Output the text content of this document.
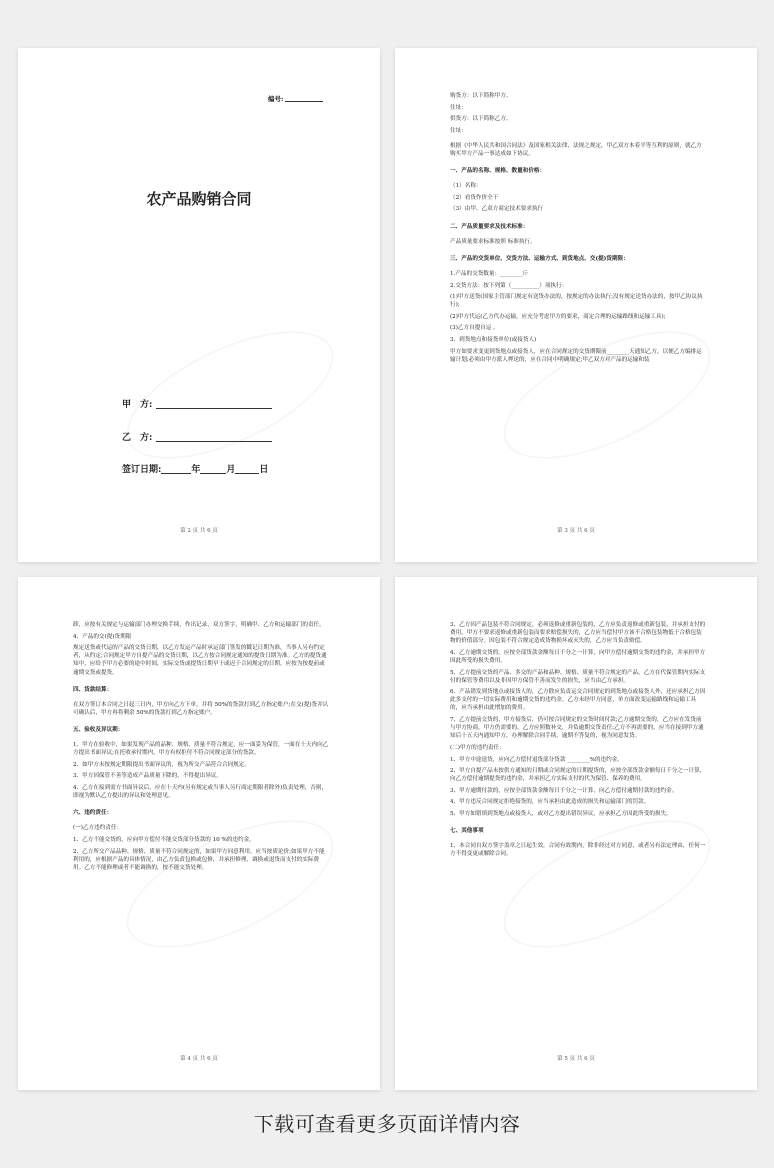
编号:
农产品购销合同
甲　方:
乙　方:
签订日期:	年	月	日
第 2 页 共 6 页

购货方：以下简称甲方。

住址：

供货方：以下简称乙方。

住址：

根据《中华人民共和国合同法》及国家相关法律、法规之规定，甲乙双方本着平等互利的原则，就乙方购买甲方产品一事达成如下协议。

一、产品的名称、规格、数量和价格：

（1）名称：

（2）看货作价全干

（3）由甲、乙双方商定技术要求执行

二、产品质量要求及技术标准：

产品质量要求标准按照 标准执行。

三、产品的交货单位、交货方法、运输方式、到货地点、交(提)货期限：

1.产品的交货数量：________斤

2.交货方法：按下列第（__________）项执行：

(1)甲方送货(国家主管部门规定有送货办法的，按规定的办法执行;没有规定送货办法的，按甲乙协议执行);

(2)甲方代运(乙方代办运输，应充分考虑甲方的要求，商定合理的运输路线和运输工具);

(3)乙方自提自运 。

3、到货地点和接货单位(或接货人)

甲方如要求变更到货地点或接货人，应在合同规定的交货期限前________天通知乙方，以便乙方编排运输计划;必须由甲方派人押送的，应在合同中明确规定;甲乙双方对产品的运输和装

第 3 页 共 6 页

卸，应按有关规定与运输部门办理交换手续，作出记录，双方签字，明确甲、乙方和运输部门的责任。

4、产品的交(提)货期限

规定送货或代运的产品的交货日期，以乙方发运产品时承运部门签发的戳记日期为准，当事人另有约定者，从约定;合同规定甲方自提产品的交货日期，以乙方按合同规定通知的提货日期为准。乙方的提货通知中，应给予甲方必要的途中时间，实际交货或提货日期早于或迟于合同规定的日期，应按为按提前或逾期交货或提货。

四、货款结算：

在双方签订本合同之日起三日内，甲方向乙方下单，并将 50%的货款打到乙方指定账户;在交(提)货并认可确认后，甲方再将剩余 50%的货款打到乙方指定账户。

五、验收及异议期：

1、甲方在验收中，如果发现产品的品种、规格、质量不符合规定，应一面妥为保管，一面在十天内向乙方提出书面异议;在托收承付期内，甲方有权拒付不符合同规定部分的货款。

2、如甲方未按规定期限提出书面异议的，视为所交产品符合合同规定。

3、甲方因保管不善等造成产品质量下降的，不得提出异议。

4、乙方在接到需方书面异议后，应在十天内(另有规定或当事人另行商定期限者除外)负责处理，否则，即视为默认乙方提出的异议和处理意见。

六、违约责任：

(一)乙方违约责任：

1、乙方不能交货的，应向甲方偿付不能交货部分货款的 10 %的违约金。

2、乙方所交产品品种、规格、质量不符合同规定的，如果甲方同意利用，应当按质论价;如果甲方不能利用的，应根据产品的具体情况，由乙方负责包换或包修，并承担修理、调换或退货而支付的实际费用。乙方不能修理或者不能调换的，按不能交货处理。

第 4 页 共 6 页

3、乙方因产品包装不符合同规定，必须返修或重新包装的，乙方应负责返修或重新包装，并承担支付的费用。甲方不要求返修或重新包装而要求赔偿损失的，乙方应当偿付甲方该不合格包装物低于合格包装物的价值部分。因包装不符合规定造成货物损坏或灭失的，乙方应当负责赔偿。

4、乙方逾期交货的，应按全部货款金额每日千分之一计算，向甲方偿付逾期交货的违约金，并承担甲方因此所受的损失费用。

5、乙方提前交货的产品、多交的产品和品种、规格、质量不符合规定的产品，乙方在代保管期内实际支付的保管等费用以及非因甲方保管不善而发生的损失，应当由乙方承担。

6、产品错发到货地点或接货人的，乙方除应负责运交合同规定的到货地点或接货人外，还应承担乙方因此多支付的一切实际费用和逾期交货的违约金。乙方未经甲方同意，单方面改变运输路线和运输工具的，应当承担由此增加的费用。

7、乙方提前交货的，甲方接货后，仍可按合同规定的交货时间付款;乙方逾期交货的，乙方应在发货前与甲方协商，甲方仍需要的，乙方应照数补交，并负逾期交货责任;乙方不再需要的，应当在接到甲方通知后十五天内通知甲方，办理解除合同手续，逾期不答复的，视为同意发货。

(二)甲方的违约责任：

1、甲方中途退货，应向乙方偿付退货部分货款 ________%的违约金。

2、甲方自提产品未按供方通知的日期或合同规定的日期提货的，应按全部货款金额每日千分之一计算，向乙方偿付逾期提货的违约金，并承担乙方实际支付的代为保管、保养的费用。

3、甲方逾期付款的，应按全部货款金额每日千分之一计算，向乙方偿付逾期付款的违约金。

4、甲方违反合同规定拒绝接货的，应当承担由此造成的损失和运输部门的罚款。

5、甲方如错填到货地点或接货人，或对乙方提出错误异议，应承担乙方因此所受的损失。

七、其他事项

1、本合同自双方签字盖章之日起生效，合同有效期内，除非经过对方同意，或者另有法定理由，任何一方不得变更或解除合同。

第 5 页 共 6 页
下载可查看更多页面详情内容
